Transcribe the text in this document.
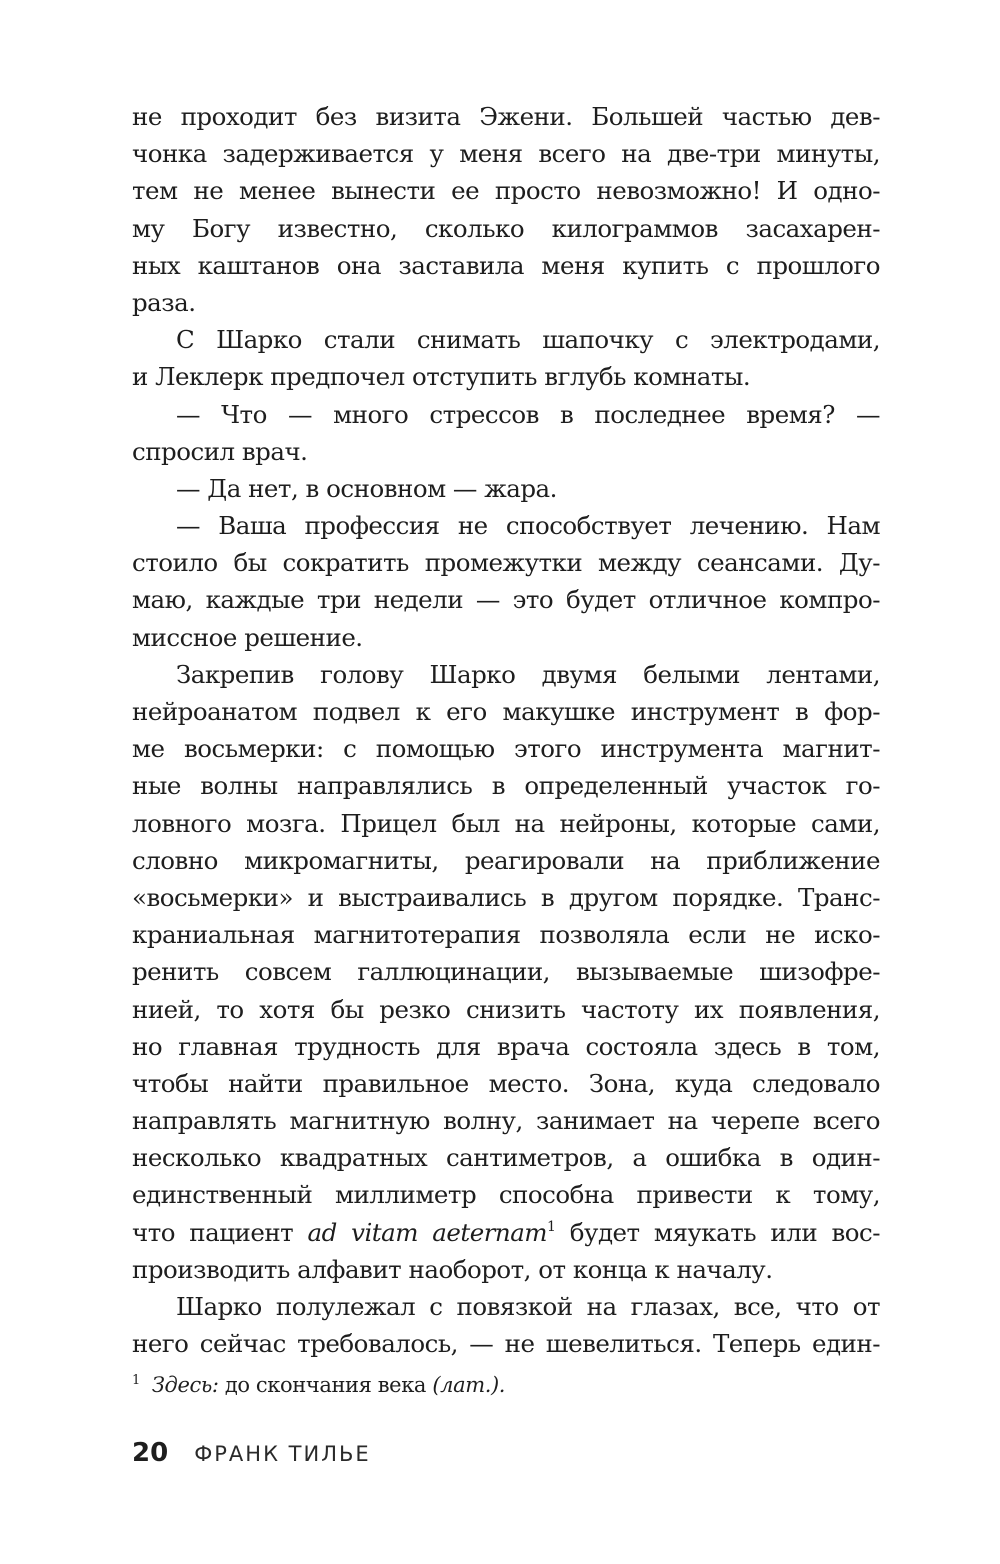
не проходит без визита Эжени. Большей частью дев-
чонка задерживается у меня всего на две-три минуты,
тем не менее вынести ее просто невозможно! И одно-
му Богу известно, сколько килограммов засахарен-
ных каштанов она заставила меня купить с прошлого
раза.
С Шарко стали снимать шапочку с электродами,
и Леклерк предпочел отступить вглубь комнаты.
— Что — много стрессов в последнее время? —
спросил врач.
— Да нет, в основном — жара.
— Ваша профессия не способствует лечению. Нам
стоило бы сократить промежутки между сеансами. Ду-
маю, каждые три недели — это будет отличное компро-
миссное решение.
Закрепив голову Шарко двумя белыми лентами,
нейроанатом подвел к его макушке инструмент в фор-
ме восьмерки: с помощью этого инструмента магнит-
ные волны направлялись в определенный участок го-
ловного мозга. Прицел был на нейроны, которые сами,
словно микромагниты, реагировали на приближение
«восьмерки» и выстраивались в другом порядке. Транс-
краниальная магнитотерапия позволяла если не иско-
ренить совсем галлюцинации, вызываемые шизофре-
нией, то хотя бы резко снизить частоту их появления,
но главная трудность для врача состояла здесь в том,
чтобы найти правильное место. Зона, куда следовало
направлять магнитную волну, занимает на черепе всего
несколько квадратных сантиметров, а ошибка в один-
единственный миллиметр способна привести к тому,
что пациент ad vitam aeternam$^1$ будет мяукать или вос-
производить алфавит наоборот, от конца к началу.
Шарко полулежал с повязкой на глазах, все, что от
него сейчас требовалось, — не шевелиться. Теперь един-
$^1$ Здесь: до скончания века (лат.).
20 ФРАНК ТИЛЬЕ
